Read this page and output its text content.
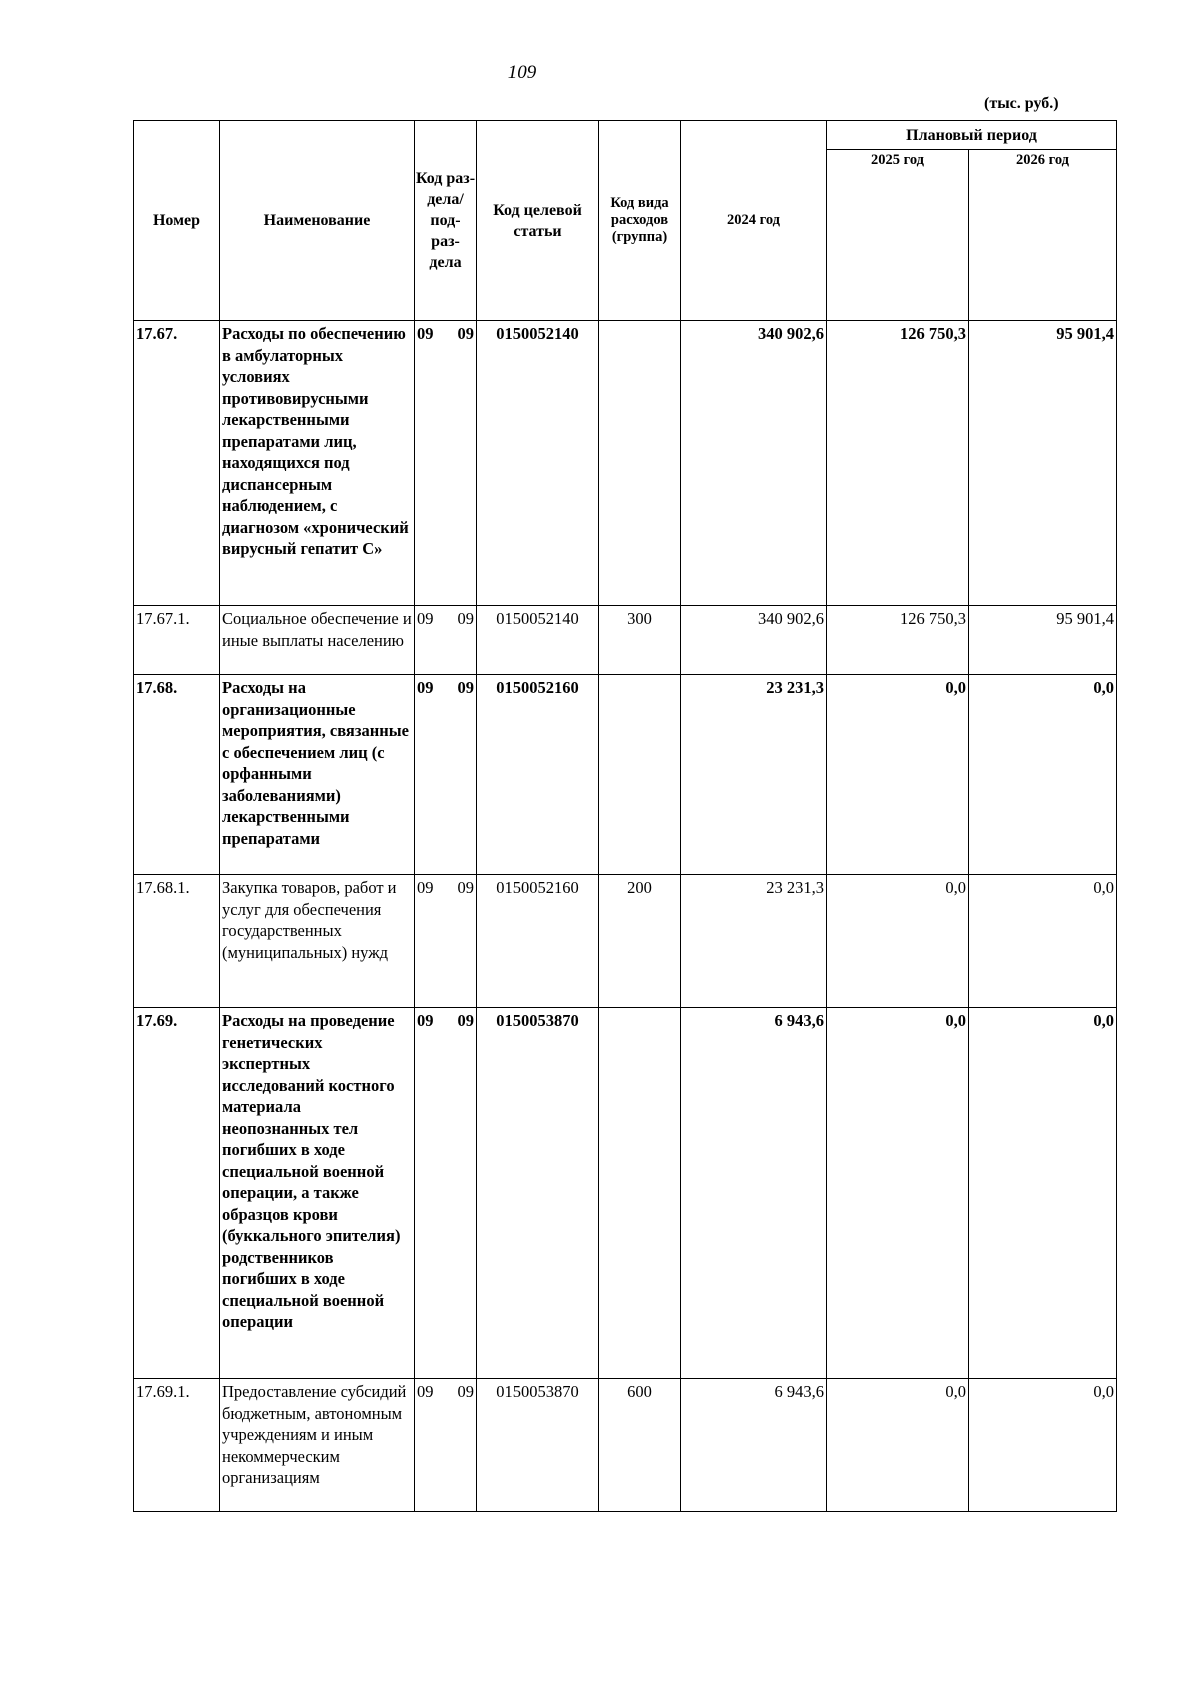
109
(тыс. руб.)
Номер	Наименование	Код раз- дела/ под- раз- дела	Код целевой статьи	Код вида расходов (группа)	2024 год	Плановый период	
						2025 год	2026 год
17.67.	Расходы по обеспечению в амбулаторных условиях противовирусными лекарственными препаратами лиц, находящихся под диспансерным наблюдением, с диагнозом «хронический вирусный гепатит С»	09 09	0150052140		340 902,6	126 750,3	95 901,4
17.67.1.	Социальное обеспечение и иные выплаты населению	09 09	0150052140	300	340 902,6	126 750,3	95 901,4
17.68.	Расходы на организационные мероприятия, связанные с обеспечением лиц (с орфанными заболеваниями) лекарственными препаратами	09 09	0150052160		23 231,3	0,0	0,0
17.68.1.	Закупка товаров, работ и услуг для обеспечения государственных (муниципальных) нужд	09 09	0150052160	200	23 231,3	0,0	0,0
17.69.	Расходы на проведение генетических экспертных исследований костного материала неопознанных тел погибших в ходе специальной военной операции, а также образцов крови (буккального эпителия) родственников погибших в ходе специальной военной операции	09 09	0150053870		6 943,6	0,0	0,0
17.69.1.	Предоставление субсидий бюджетным, автономным учреждениям и иным некоммерческим организациям	09 09	0150053870	600	6 943,6	0,0	0,0
